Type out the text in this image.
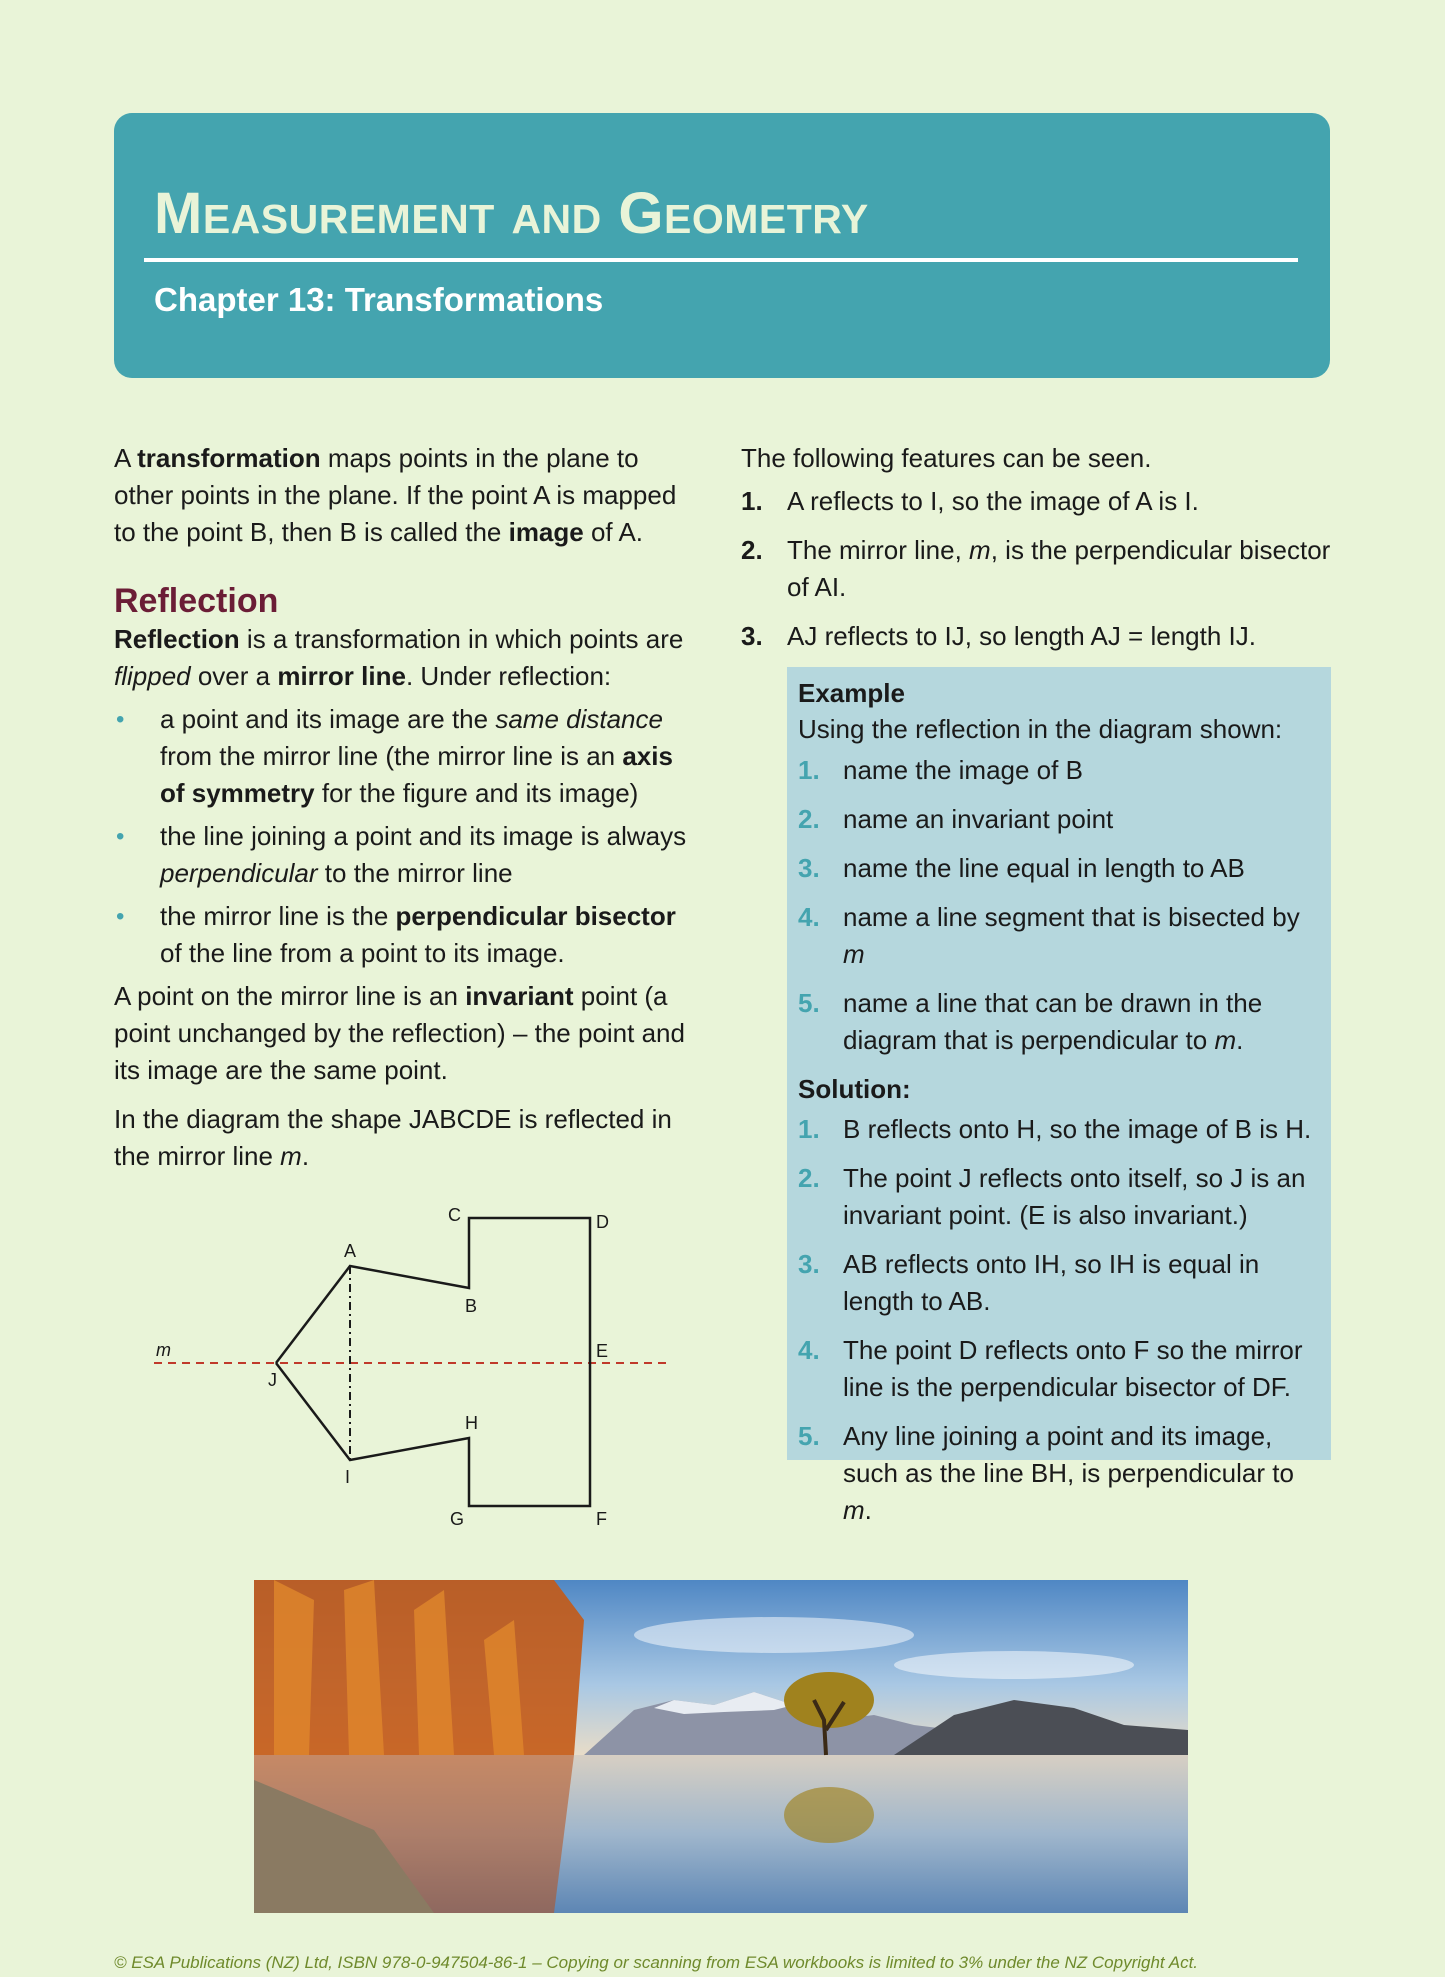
Measurement and Geometry
Chapter 13: Transformations

A transformation maps points in the plane to other points in the plane. If the point A is mapped to the point B, then B is called the image of A.

Reflection

Reflection is a transformation in which points are flipped over a mirror line. Under reflection:

• a point and its image are the same distance from the mirror line (the mirror line is an axis of symmetry for the figure and its image)
• the line joining a point and its image is always perpendicular to the mirror line
• the mirror line is the perpendicular bisector of the line from a point to its image.

A point on the mirror line is an invariant point (a point unchanged by the reflection) – the point and its image are the same point.

In the diagram the shape JABCDE is reflected in the mirror line m.

m
A
B
C	D
E
F
G
H
I
J

The following features can be seen.

1. A reflects to I, so the image of A is I.
2. The mirror line, m, is the perpendicular bisector of AI.
3. AJ reflects to IJ, so length AJ = length IJ.

Example

Using the reflection in the diagram shown:

1. name the image of B
2. name an invariant point
3. name the line equal in length to AB
4. name a line segment that is bisected by m
5. name a line that can be drawn in the diagram that is perpendicular to m.

Solution:

1. B reflects onto H, so the image of B is H.
2. The point J reflects onto itself, so J is an invariant point. (E is also invariant.)
3. AB reflects onto IH, so IH is equal in length to AB.
4. The point D reflects onto F so the mirror line is the perpendicular bisector of DF.
5. Any line joining a point and its image, such as the line BH, is perpendicular to m.

© ESA Publications (NZ) Ltd, ISBN 978-0-947504-86-1 – Copying or scanning from ESA workbooks is limited to 3% under the NZ Copyright Act.
